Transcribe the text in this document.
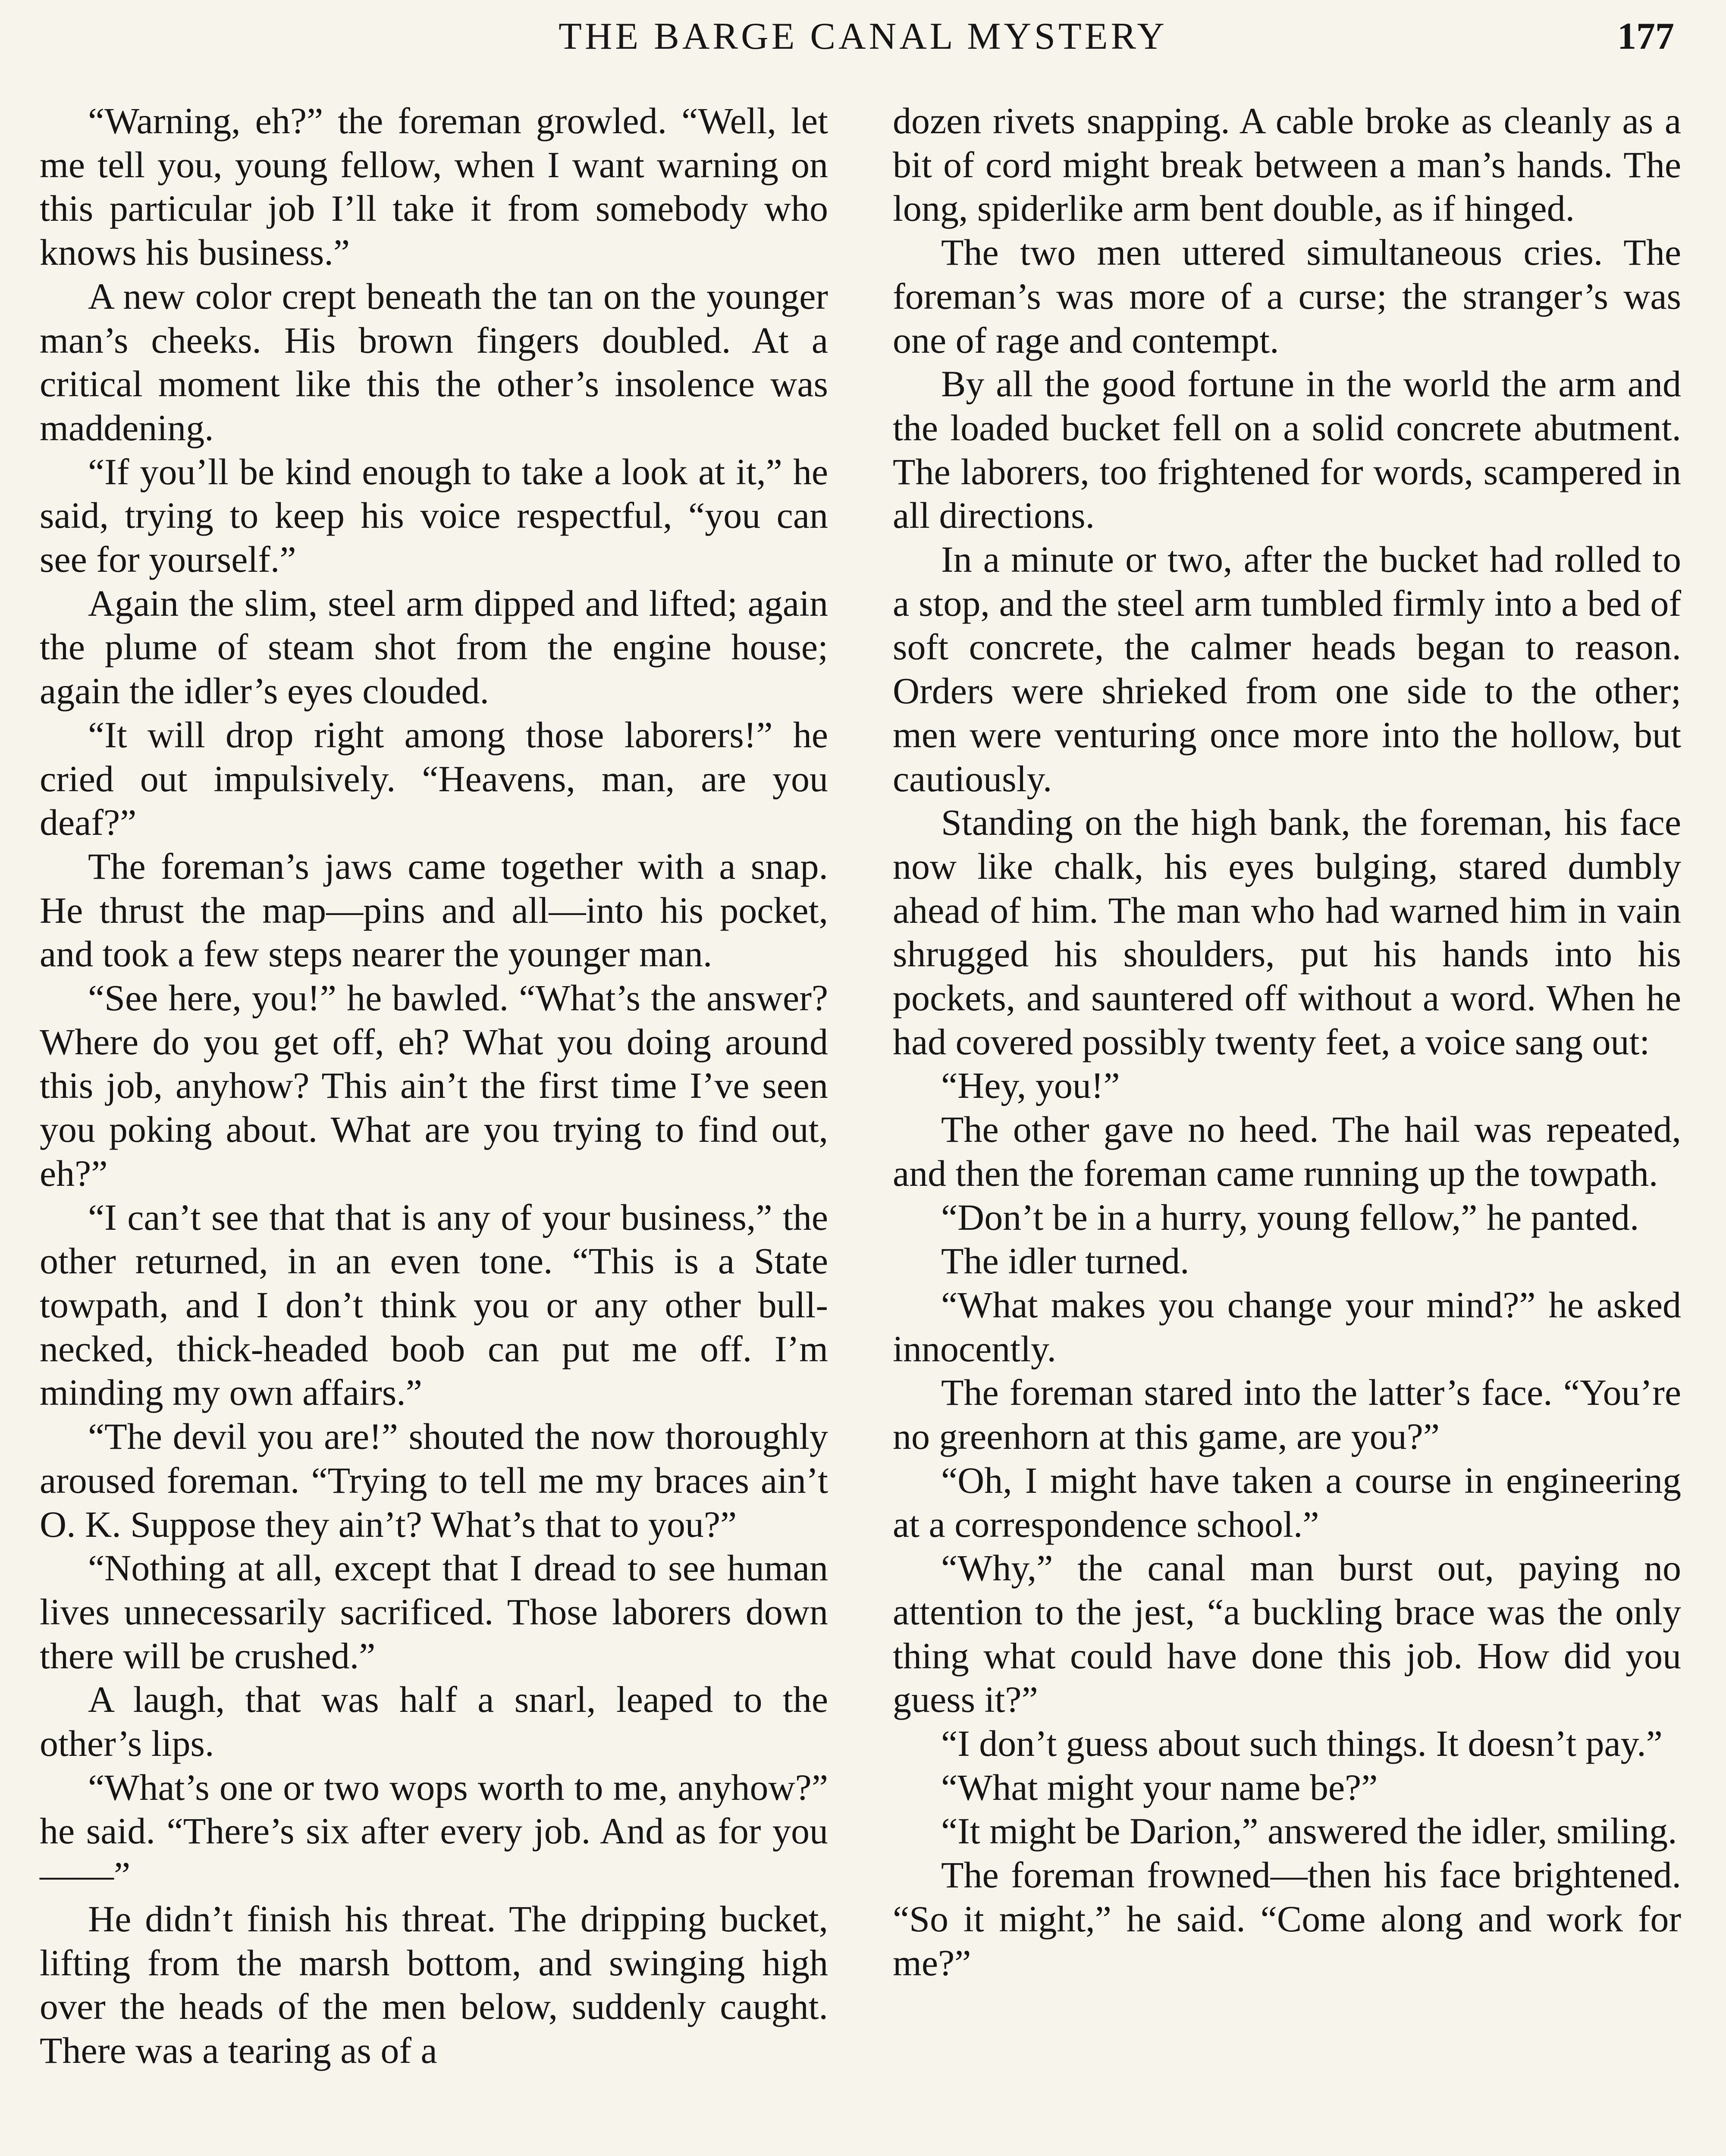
THE BARGE CANAL MYSTERY	177

“Warning, eh?” the foreman growled. “Well, let me tell you, young fellow, when I want warning on this particular job I’ll take it from somebody who knows his business.”

A new color crept beneath the tan on the younger man’s cheeks. His brown fingers doubled. At a critical moment like this the other’s insolence was maddening.

“If you’ll be kind enough to take a look at it,” he said, trying to keep his voice respectful, “you can see for yourself.”

Again the slim, steel arm dipped and lifted; again the plume of steam shot from the engine house; again the idler’s eyes clouded.

“It will drop right among those laborers!” he cried out impulsively. “Heavens, man, are you deaf?”

The foreman’s jaws came together with a snap. He thrust the map—pins and all—into his pocket, and took a few steps nearer the younger man.

“See here, you!” he bawled. “What’s the answer? Where do you get off, eh? What you doing around this job, anyhow? This ain’t the first time I’ve seen you poking about. What are you trying to find out, eh?”

“I can’t see that that is any of your business,” the other returned, in an even tone. “This is a State towpath, and I don’t think you or any other bull-necked, thick-headed boob can put me off. I’m minding my own affairs.”

“The devil you are!” shouted the now thoroughly aroused foreman. “Trying to tell me my braces ain’t O. K. Suppose they ain’t? What’s that to you?”

“Nothing at all, except that I dread to see human lives unnecessarily sacrificed. Those laborers down there will be crushed.”

A laugh, that was half a snarl, leaped to the other’s lips.

“What’s one or two wops worth to me, anyhow?” he said. “There’s six after every job. And as for you——”

He didn’t finish his threat. The dripping bucket, lifting from the marsh bottom, and swinging high over the heads of the men below, suddenly caught. There was a tearing as of a

dozen rivets snapping. A cable broke as cleanly as a bit of cord might break between a man’s hands. The long, spiderlike arm bent double, as if hinged.

The two men uttered simultaneous cries. The foreman’s was more of a curse; the stranger’s was one of rage and contempt.

By all the good fortune in the world the arm and the loaded bucket fell on a solid concrete abutment. The laborers, too frightened for words, scampered in all directions.

In a minute or two, after the bucket had rolled to a stop, and the steel arm tumbled firmly into a bed of soft concrete, the calmer heads began to reason. Orders were shrieked from one side to the other; men were venturing once more into the hollow, but cautiously.

Standing on the high bank, the foreman, his face now like chalk, his eyes bulging, stared dumbly ahead of him. The man who had warned him in vain shrugged his shoulders, put his hands into his pockets, and sauntered off without a word. When he had covered possibly twenty feet, a voice sang out:

“Hey, you!”

The other gave no heed. The hail was repeated, and then the foreman came running up the towpath.

“Don’t be in a hurry, young fellow,” he panted.

The idler turned.

“What makes you change your mind?” he asked innocently.

The foreman stared into the latter’s face. “You’re no greenhorn at this game, are you?”

“Oh, I might have taken a course in engineering at a correspondence school.”

“Why,” the canal man burst out, paying no attention to the jest, “a buckling brace was the only thing what could have done this job. How did you guess it?”

“I don’t guess about such things. It doesn’t pay.”

“What might your name be?”

“It might be Darion,” answered the idler, smiling.

The foreman frowned—then his face brightened. “So it might,” he said. “Come along and work for me?”
